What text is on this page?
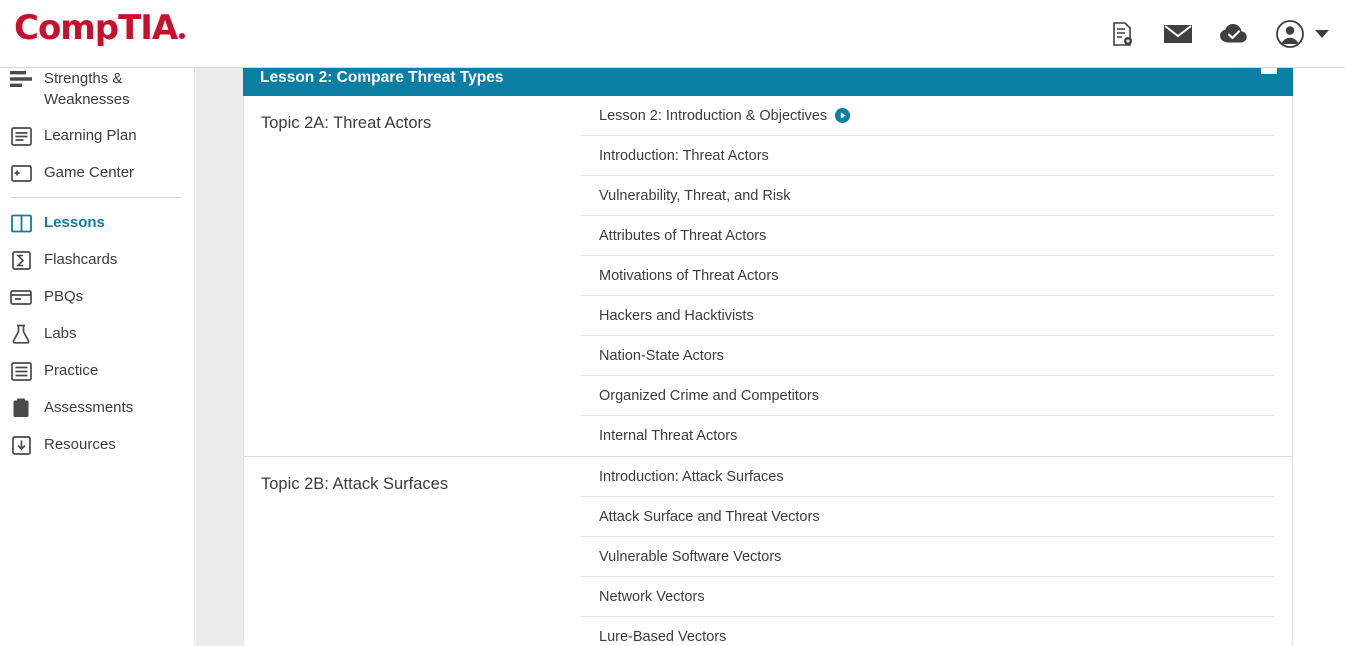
CompTIA
Strengths & Weaknesses
Learning Plan
Game Center
Lessons
Flashcards
PBQs
Labs
Practice
Assessments
Resources
Lesson 2: Compare Threat Types
Topic 2A: Threat Actors	Lesson 2: Introduction & Objectives
Introduction: Threat Actors
Vulnerability, Threat, and Risk
Attributes of Threat Actors
Motivations of Threat Actors
Hackers and Hacktivists
Nation-State Actors
Organized Crime and Competitors
Internal Threat Actors
Topic 2B: Attack Surfaces	Introduction: Attack Surfaces
Attack Surface and Threat Vectors
Vulnerable Software Vectors
Network Vectors
Lure-Based Vectors
